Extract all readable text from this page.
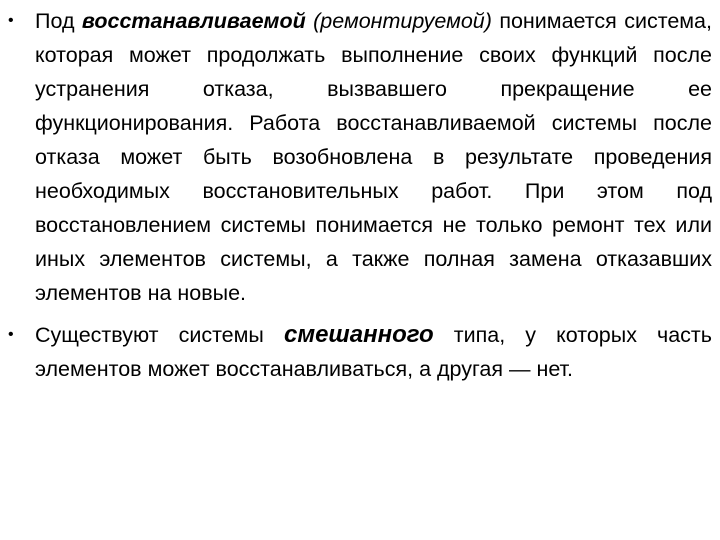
• Под восстанавливаемой (ремонтируемой) понимается система, которая может продолжать выполнение своих функций после устранения отказа, вызвавшего прекращение ее функционирования. Работа восстанавливаемой системы после отказа может быть возобновлена в результате проведения необходимых восстановительных работ. При этом под восстановлением системы понимается не только ремонт тех или иных элементов системы, а также полная замена отказавших элементов на новые.
• Существуют системы смешанного типа, у которых часть элементов может восстанавливаться, а другая — нет.
